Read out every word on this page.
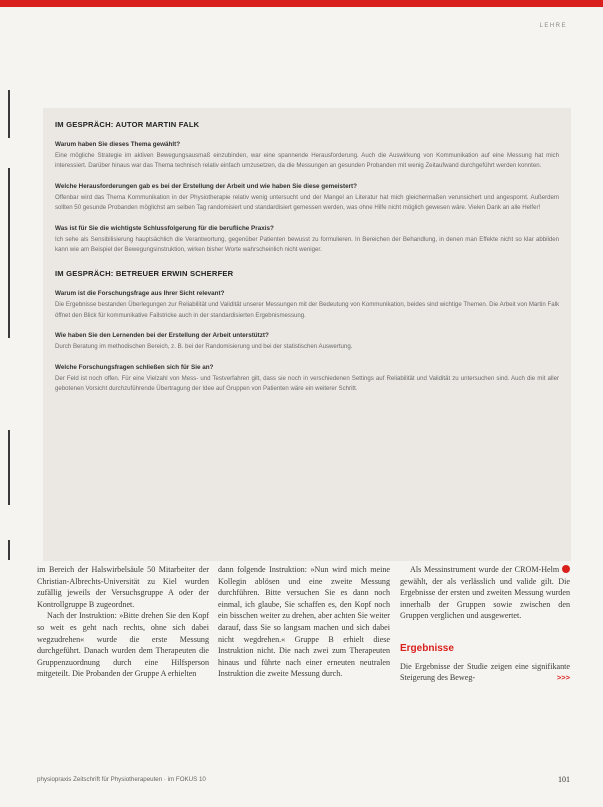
LEHRE
IM GESPRÄCH: AUTOR MARTIN FALK
Warum haben Sie dieses Thema gewählt?
Eine mögliche Strategie im aktiven Bewegungsausmaß einzubinden, war eine spannende Herausforderung. Auch die Auswirkung von Kommunikation auf eine Messung hat mich interessiert. Darüber hinaus war das Thema technisch relativ einfach umzusetzen, da die Messungen an gesunden Probanden mit wenig Zeitaufwand durchgeführt werden konnten.
Welche Herausforderungen gab es bei der Erstellung der Arbeit und wie haben Sie diese gemeistert?
Offenbar wird das Thema Kommunikation in der Physiotherapie relativ wenig untersucht und der Mangel an Literatur hat mich gleichermaßen verunsichert und angespornt. Außerdem sollten 50 gesunde Probanden möglichst am selben Tag randomisiert und standardisiert gemessen werden, was ohne Hilfe nicht möglich gewesen wäre. Vielen Dank an alle Helfer!
Was ist für Sie die wichtigste Schlussfolgerung für die berufliche Praxis?
Ich sehe als Sensibilisierung hauptsächlich die Verantwortung, gegenüber Patienten bewusst zu formulieren. In Bereichen der Behandlung, in denen man Effekte nicht so klar abbilden kann wie am Beispiel der Bewegungsinstruktion, wirken bisher Worte wahrscheinlich nicht weniger.
IM GESPRÄCH: BETREUER ERWIN SCHERFER
Warum ist die Forschungsfrage aus Ihrer Sicht relevant?
Die Ergebnisse bestanden Überlegungen zur Reliabilität und Validität unserer Messungen mit der Bedeutung von Kommunikation, beides sind wichtige Themen. Die Arbeit von Martin Falk öffnet den Blick für kommunikative Fallstricke auch in der standardisierten Ergebnismessung.
Wie haben Sie den Lernenden bei der Erstellung der Arbeit unterstützt?
Durch Beratung im methodischen Bereich, z. B. bei der Randomisierung und bei der statistischen Auswertung.
Welche Forschungsfragen schließen sich für Sie an?
Der Feld ist noch offen. Für eine Vielzahl von Mess- und Testverfahren gilt, dass sie noch in verschiedenen Settings auf Reliabilität und Validität zu untersuchen sind. Auch die mit aller gebotenen Vorsicht durchzuführende Übertragung der Idee auf Gruppen von Patienten wäre ein weiterer Schritt.

im Bereich der Halswirbelsäule 50 Mitarbeiter der Christian-Albrechts-Universität zu Kiel wurden zufällig jeweils der Versuchsgruppe A oder der Kontrollgruppe B zugeordnet.

Nach der Instruktion: »Bitte drehen Sie den Kopf so weit es geht nach rechts, ohne sich dabei wegzudrehen« wurde die erste Messung durchgeführt. Danach wurden dem Therapeuten die Gruppenzuordnung durch eine Hilfsperson mitgeteilt. Die Probanden der Gruppe A erhielten

dann folgende Instruktion: »Nun wird mich meine Kollegin ablösen und eine zweite Messung durchführen. Bitte versuchen Sie es dann noch einmal, ich glaube, Sie schaffen es, den Kopf noch ein bisschen weiter zu drehen, aber achten Sie weiter darauf, dass Sie so langsam machen und sich dabei nicht wegdrehen.« Gruppe B erhielt diese Instruktion nicht. Die nach zwei zum Therapeuten hinaus und führte nach einer erneuten neutralen Instruktion die zweite Messung durch.

Als Messinstrument wurde der CROM-Helm  gewählt, der als verlässlich und valide gilt. Die Ergebnisse der ersten und zweiten Messung wurden innerhalb der Gruppen sowie zwischen den Gruppen verglichen und ausgewertet.

Ergebnisse

Die Ergebnisse der Studie zeigen eine signifikante Steigerung des Beweg-	>>>

physiopraxis Zeitschrift für Physiotherapeuten · im FOKUS 10	101
